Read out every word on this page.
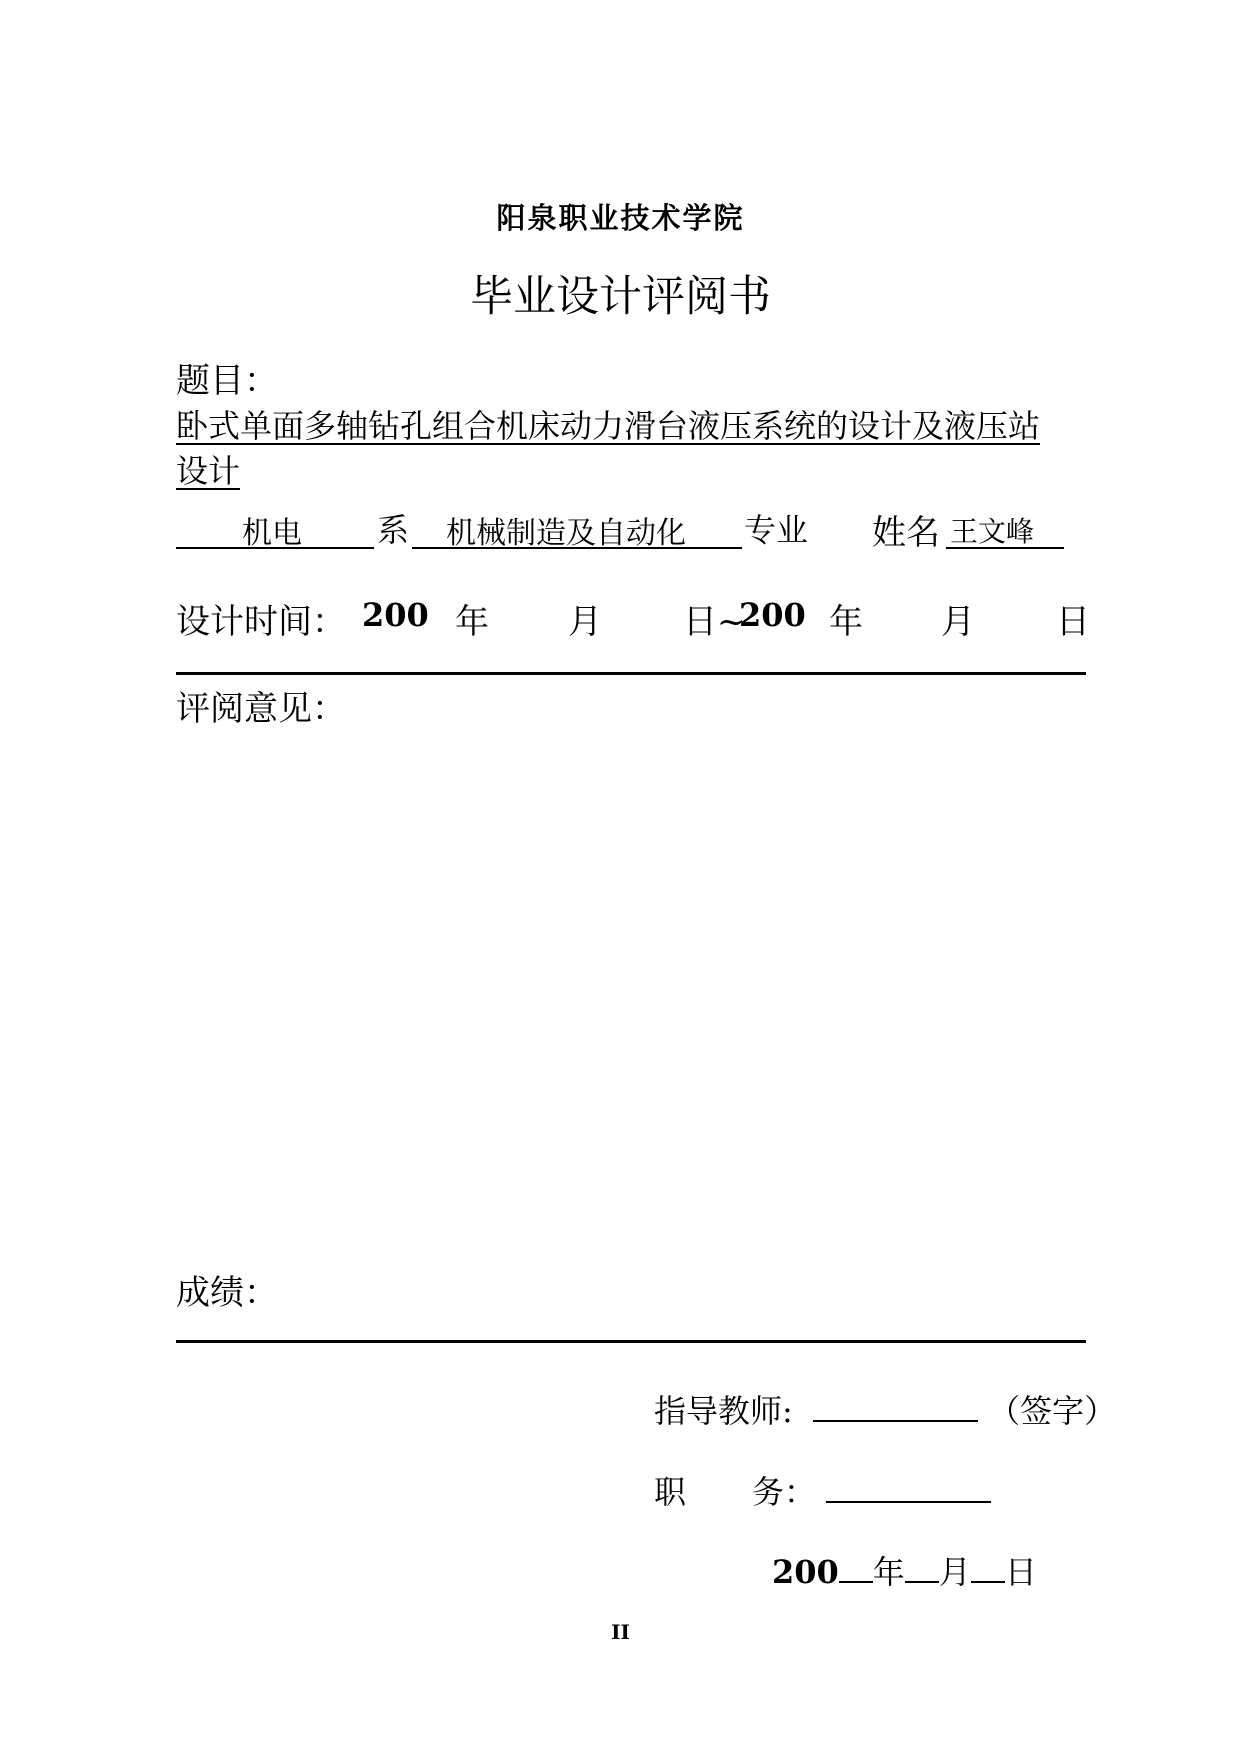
阳泉职业技术学院
毕业设计评阅书
题目：
卧式单面多轴钻孔组合机床动力滑台液压系统的设计及液压站
设计
机电 系 机械制造及自动化 专业 姓名 王文峰
设计时间： 200 年 月 日~
200 年 月 日
评阅意见：
成绩：
指导教师:	（签字）
职 务：
200 年 月 日
II
